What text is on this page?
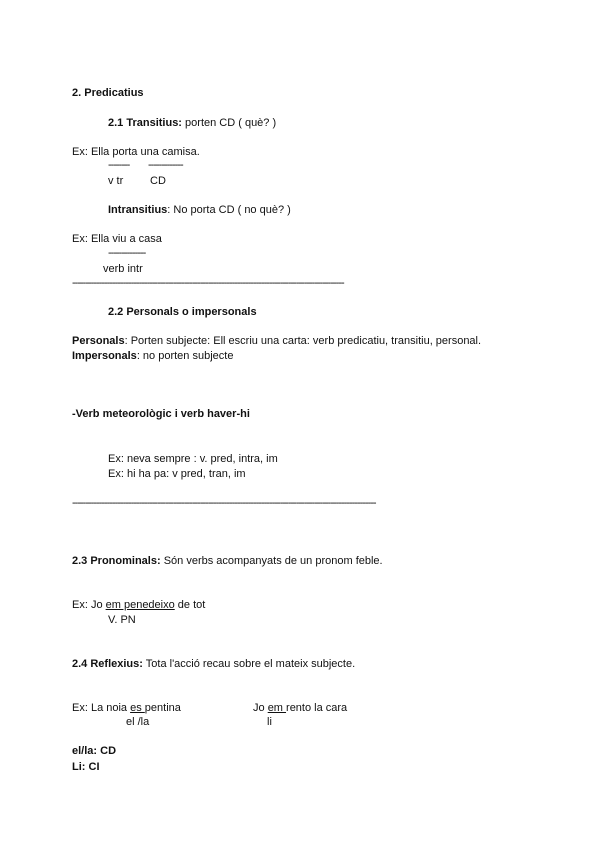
2. Predicatius
2.1 Transitius: porten CD ( què? )
Ex: Ella porta una camisa.
-------- -------------
v tr CD
Intransitius: No porta CD ( no què? )
Ex: Ella viu a casa
--------------
verb intr
------------------------------------------------------------------------------------------------------
2.2 Personals o impersonals
Personals: Porten subjecte: Ell escriu una carta: verb predicatiu, transitiu, personal.
Impersonals: no porten subjecte
-Verb meteorològic i verb haver-hi
Ex: neva sempre : v. pred, intra, im
Ex: hi ha pa: v pred, tran, im
------------------------------------------------------------------------------------------------------------------
2.3 Pronominals: Són verbs acompanyats de un pronom feble.
Ex: Jo em penedeixo de tot
V. PN
2.4 Reflexius: Tota l'acció recau sobre el mateix subjecte.
Ex: La noia es pentina
el /la
Jo em rento la cara
li
el/la: CD
Li: CI
